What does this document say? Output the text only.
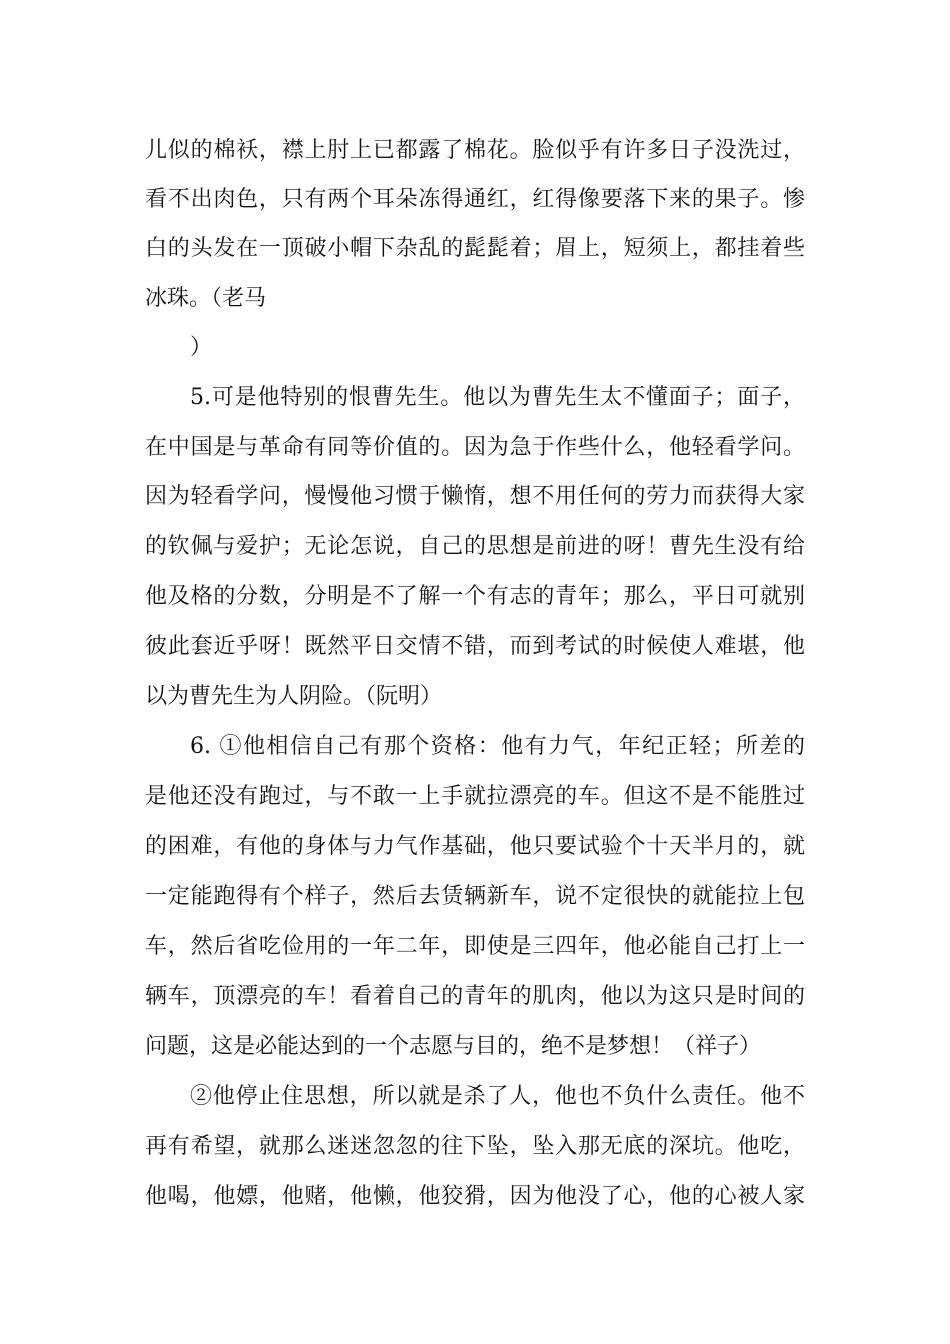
儿似的棉袄，襟上肘上已都露了棉花。脸似乎有许多日子没洗过，
看不出肉色，只有两个耳朵冻得通红，红得像要落下来的果子。惨
白的头发在一顶破小帽下杂乱的髭髭着；眉上，短须上，都挂着些
冰珠。（老马
）
5.可是他特别的恨曹先生。他以为曹先生太不懂面子；面子，
在中国是与革命有同等价值的。因为急于作些什么，他轻看学问。
因为轻看学问，慢慢他习惯于懒惰，想不用任何的劳力而获得大家
的钦佩与爱护；无论怎说，自己的思想是前进的呀！曹先生没有给
他及格的分数，分明是不了解一个有志的青年；那么，平日可就别
彼此套近乎呀！既然平日交情不错，而到考试的时候使人难堪，他
以为曹先生为人阴险。（阮明）
6. ①他相信自己有那个资格：他有力气，年纪正轻；所差的
是他还没有跑过，与不敢一上手就拉漂亮的车。但这不是不能胜过
的困难，有他的身体与力气作基础，他只要试验个十天半月的，就
一定能跑得有个样子，然后去赁辆新车，说不定很快的就能拉上包
车，然后省吃俭用的一年二年，即使是三四年，他必能自己打上一
辆车，顶漂亮的车！看着自己的青年的肌肉，他以为这只是时间的
问题，这是必能达到的一个志愿与目的，绝不是梦想！（祥子）
②他停止住思想，所以就是杀了人，他也不负什么责任。他不
再有希望，就那么迷迷忽忽的往下坠，坠入那无底的深坑。他吃，
他喝，他嫖，他赌，他懒，他狡猾，因为他没了心，他的心被人家
